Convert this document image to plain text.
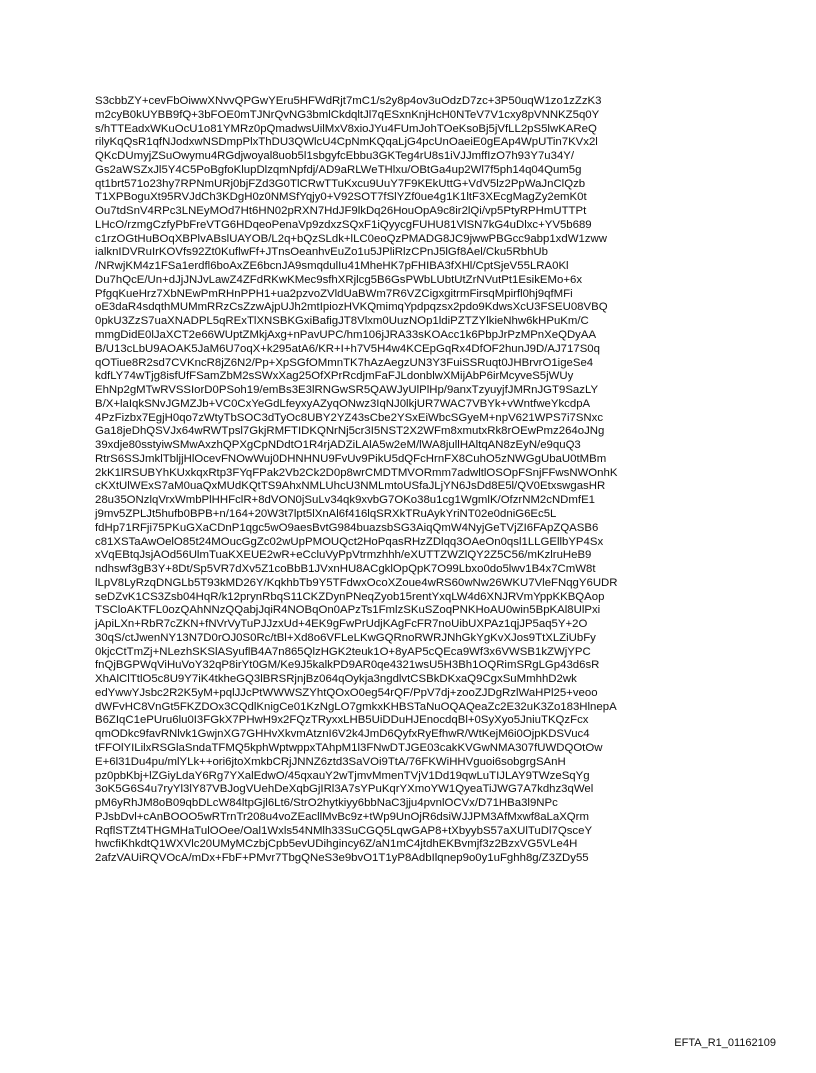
S3cbbZY+cevFbOiwwXNvvQPGwYEru5HFWdRjt7mC1/s2y8p4ov3uOdzD7zc+3P50uqW1zo1zZzK3
m2cyB0kUYBB9fQ+3bFOE0mTJNrQvNG3bmlCkdqltJl7qESxnKnjHcH0NTeV7V1cxy8pVNNKZ5q0Y
s/hTTEadxWKuOcU1o81YMRz0pQmadwsUilMxV8xioJYu4FUmJohTOeKsoBj5jVfLL2pS5lwKAReQ
rilyKqQsR1qfNJodxwNSDmpPlxThDU3QWlcU4CpNmKQqaLjG4pcUnOaeiE0gEAp4WpUTin7KVx2l
QKcDUmyjZSuOwymu4RGdjwoyal8uob5l1sbgyfcEbbu3GKTeg4rU8s1iVJJmffIzO7h93Y7u34Y/
Gs2aWSZxJl5Y4C5PoBgfoKlupDlzqmNpfdj/AD9aRLWeTHlxu/OBtGa4up2Wl7f5ph14q04Qum5g
qt1brt571o23hy7RPNmURj0bjFZd3G0TlCRwTTuKxcu9UuY7F9KEkUttG+VdV5lz2PpWaJnClQzb
T1XPBoguXt95RVJdCh3KDgH0z0NMSfYqjy0+V92SOT7fSlYZf0ue4g1K1ltF3XEcgMagZy2emK0t
Ou7tdSnV4RPc3LNEyMOd7Ht6HN02pRXN7HdJF9lkDq26HouOpA9c8ir2lQi/vp5PtyRPHmUTTPt
LHcO/rzmgCzfyPbFreVTG6HDqeoPenaVp9zdxzSQxF1iQyycgFUHU81VlSN7kG4uDlxc+YV5b689
c1rzOGtHuBOqXBPlvABslUAYOB/L2q+bQzSLdk+lLC0eoQzPMADG8JC9jwwPBGcc9abp1xdW1zww
ialknIDVRuIrKOVfs92Zt0KuflwFf+JTnsOeanhvEuZo1u5JPliRlzCPnJ5lGf8Ael/Cku5RbhUb
/NRwjKM4z1FSa1erdfl6boAxZE6bcnJA9smqdulIu41MheHK7pFHIBA3fXHl/CptSjeV55LRA0Kl
Du7hQcE/Un+dJjJNJvLawZ4ZFdRKwKMec9sfhXRjlcg5B6GsPWbLUbtUtZrNVutPt1EsikEMo+6x
PfgqKueHrz7XbNEwPmRHnPPH1+ua2pzvoZVldUaBWm7R6VZCigxgitrmFirsqMpirfl0hj9qfMFi
oE3daR4sdqthMUMmRRzCsZzwAjpUJh2mtIpiozHVKQmimqYpdpqzsx2pdo9KdwsXcU3FSEU08VBQ
0pkU3ZzS7uaXNADPL5qRExTlXNSBKGxiBafigJT8Vlxm0UuzNOp1ldiPZTZYlkieNhw6kHPuKm/C
mmgDidE0lJaXCT2e66WUptZMkjAxg+nPavUPC/hm106jJRA33sKOAcc1k6PbpJrPzMPnXeQDyAA
B/U13cLbU9AOAK5JaM6U7oqX+k295atA6/KR+I+h7V5H4w4KCEpGqRx4DfOF2hunJ9D/AJ717S0q
qOTiue8R2sd7CVKncR8jZ6N2/Pp+XpSGfOMmnTK7hAzAegzUN3Y3FuiSSRuqt0JHBrvrO1igeSe4
kdfLY74wTjg8isfUfFSamZbM2sSWxXag25OfXPrRcdjmFaFJLdonblwXMijAbP6irMcyveS5jWUy
EhNp2gMTwRVSSIorD0PSoh19/emBs3E3lRNGwSR5QAWJyUlPlHp/9anxTzyuyjfJMRnJGT9SazLY
B/X+laIqkSNvJGMZJb+VC0CxYeGdLfeyxyAZyqONwz3IqNJ0lkjUR7WAC7VBYk+vWntfweYkcdpA
4PzFizbx7EgjH0qo7zWtyTbSOC3dTyOc8UBY2YZ43sCbe2YSxEiWbcSGyeM+npV621WPS7i7SNxc
Ga18jeDhQSVJx64wRWTpsl7GkjRMFTIDKQNrNj5cr3I5NST2X2WFm8xmutxRk8rOEwPmz264oJNg
39xdje80sstyiwSMwAxzhQPXgCpNDdtO1R4rjADZiLAlA5w2eM/lWA8jullHAltqAN8zEyN/e9quQ3
RtrS6SSJmklTbljjHlOcevFNOwWuj0DHNHNU9FvUv9PikU5dQFcHrnFX8CuhO5zNWGgUbaU0tMBm
2kK1lRSUBYhKUxkqxRtp3FYqFPak2Vb2Ck2D0p8wrCMDTMVORmm7adwltlOSOpFSnjFFwsNWOnhK
cKXtUlWExS7aM0uaQxMUdKQtTS9AhxNMLUhcU3NMLmtoUSfaJLjYN6JsDd8E5l/QV0EtxswgasHR
28u35ONzlqVrxWmbPlHHFclR+8dVON0jSuLv34qk9xvbG7OKo38u1cg1WgmlK/OfzrNM2cNDmfE1
j9mv5ZPLJt5hufb0BPB+n/164+20W3t7lpt5lXnAl6f416lqSRXkTRuAykYriNT02e0dniG6Ec5L
fdHp71RFji75PKuGXaCDnP1qgc5wO9aesBvtG984buazsbSG3AiqQmW4NyjGeTVjZI6FApZQASB6
c81XSTaAwOelO85t24MOucGgZc02wUpPMOUQct2HoPqasRHzZDlqq3OAeOn0qsl1LLGEllbYP4Sx
xVqEBtqJsjAOd56UlmTuaKXEUE2wR+eCcluVyPpVtrmzhhh/eXUTTZWZlQY2Z5C56/mKzlruHeB9
ndhswf3gB3Y+8Dt/Sp5VR7dXv5Z1coBbB1JVxnHU8ACgklOpQpK7O99Lbxo0do5lwv1B4x7CmW8t
lLpV8LyRzqDNGLb5T93kMD26Y/KqkhbTb9Y5TFdwxOcoXZoue4wRS60wNw26WKU7VleFNqgY6UDR
seDZvK1CS3Zsb04HqR/k12prynRbqS11CKZDynPNeqZyob15rentYxqLW4d6XNJRVmYppKKBQAop
TSCloAKTFL0ozQAhNNzQQabjJqiR4NOBqOn0APzTs1FmlzSKuSZoqPNKHoAU0win5BpKAl8UlPxi
jApiLXn+RbR7cZKN+fNVrVyTuPJJzxUd+4EK9gFwPrUdjKAgFcFR7noUibUXPAz1qjJP5aq5Y+2O
30qS/ctJwenNY13N7D0rOJ0S0Rc/tBl+Xd8o6VFLeLKwGQRnoRWRJNhGkYgKvXJos9TtXLZiUbFy
0kjcCtTmZj+NLezhSKSlASyuflB4A7n865QlzHGK2teuk1O+8yAP5cQEca9Wf3x6VWSB1kZWjYPC
fnQjBGPWqViHuVoY32qP8irYt0GM/Ke9J5kalkPD9AR0qe4321wsU5H3Bh1OQRimSRgLGp43d6sR
XhAlClTtlO5c8U9Y7iK4tkheGQ3lBRSRjnjBz064qOykja3ngdlvtCSBkDKxaQ9CgxSuMmhhD2wk
edYwwYJsbc2R2K5yM+pqlJJcPtWWWSZYhtQOxO0eg54rQF/PpV7dj+zooZJDgRzlWaHPl25+veoo
dWFvHC8VnGt5FKZDOx3CQdlKnigCe01KzNgLO7gmkxKHBSTaNuOQAQeaZc2E32uK3Zo183HlnepA
B6ZIqC1ePUru6lu0I3FGkX7PHwH9x2FQzTRyxxLHB5UiDDuHJEnocdqBl+0SyXyo5JniuTKQzFcx
qmODkc9favRNlvk1GwjnXG7GHHvXkvmAtznI6V2k4JmD6QyfxRyEfhwR/WtKejM6i0OjpKDSVuc4
tFFOlYILilxRSGlaSndaTFMQ5kphWptwppxTAhpM1l3FNwDTJGE03cakKVGwNMA307fUWDQOtOw
E+6l31Du4pu/mlYLk++ori6jtoXmkbCRjJNNZ6ztd3SaVOi9TtA/76FKWiHHVguoi6sobgrgSAnH
pz0pbKbj+lZGiyLdaY6Rg7YXalEdwO/45qxauY2wTjmvMmenTVjV1Dd19qwLuTIJLAY9TWzeSqYg
3oK5G6S4u7ryYl3lY87VBJogVUehDeXqbGjIRl3A7sYPuKqrYXmoYW1QyeaTiJWG7A7kdhz3qWel
pM6yRhJM8oB09qbDLcW84ltpGjl6Lt6/StrO2hytkiyy6bbNaC3jju4pvnlOCVx/D71HBa3l9NPc
PJsbDvl+cAnBOOO5wRTrnTr208u4voZEacllMvBc9z+tWp9UnOjR6dsiWJJPM3AfMxwf8aLaXQrm
RqflSTZt4THGMHaTulOOee/Oal1Wxls54NMlh33SuCGQ5LqwGAP8+tXbyybS57aXUlTuDl7QsceY
hwcfiKhkdtQ1WXVlc20UMyMCzbjCpb5evUDihgincy6Z/aN1mC4jtdhEKBvmjf3z2BzxVG5VLe4H
2afzVAUiRQVOcA/mDx+FbF+PMvr7TbgQNeS3e9bvO1T1yP8AdbIlqnep9o0y1uFghh8g/Z3ZDy55
EFTA_R1_01162109
